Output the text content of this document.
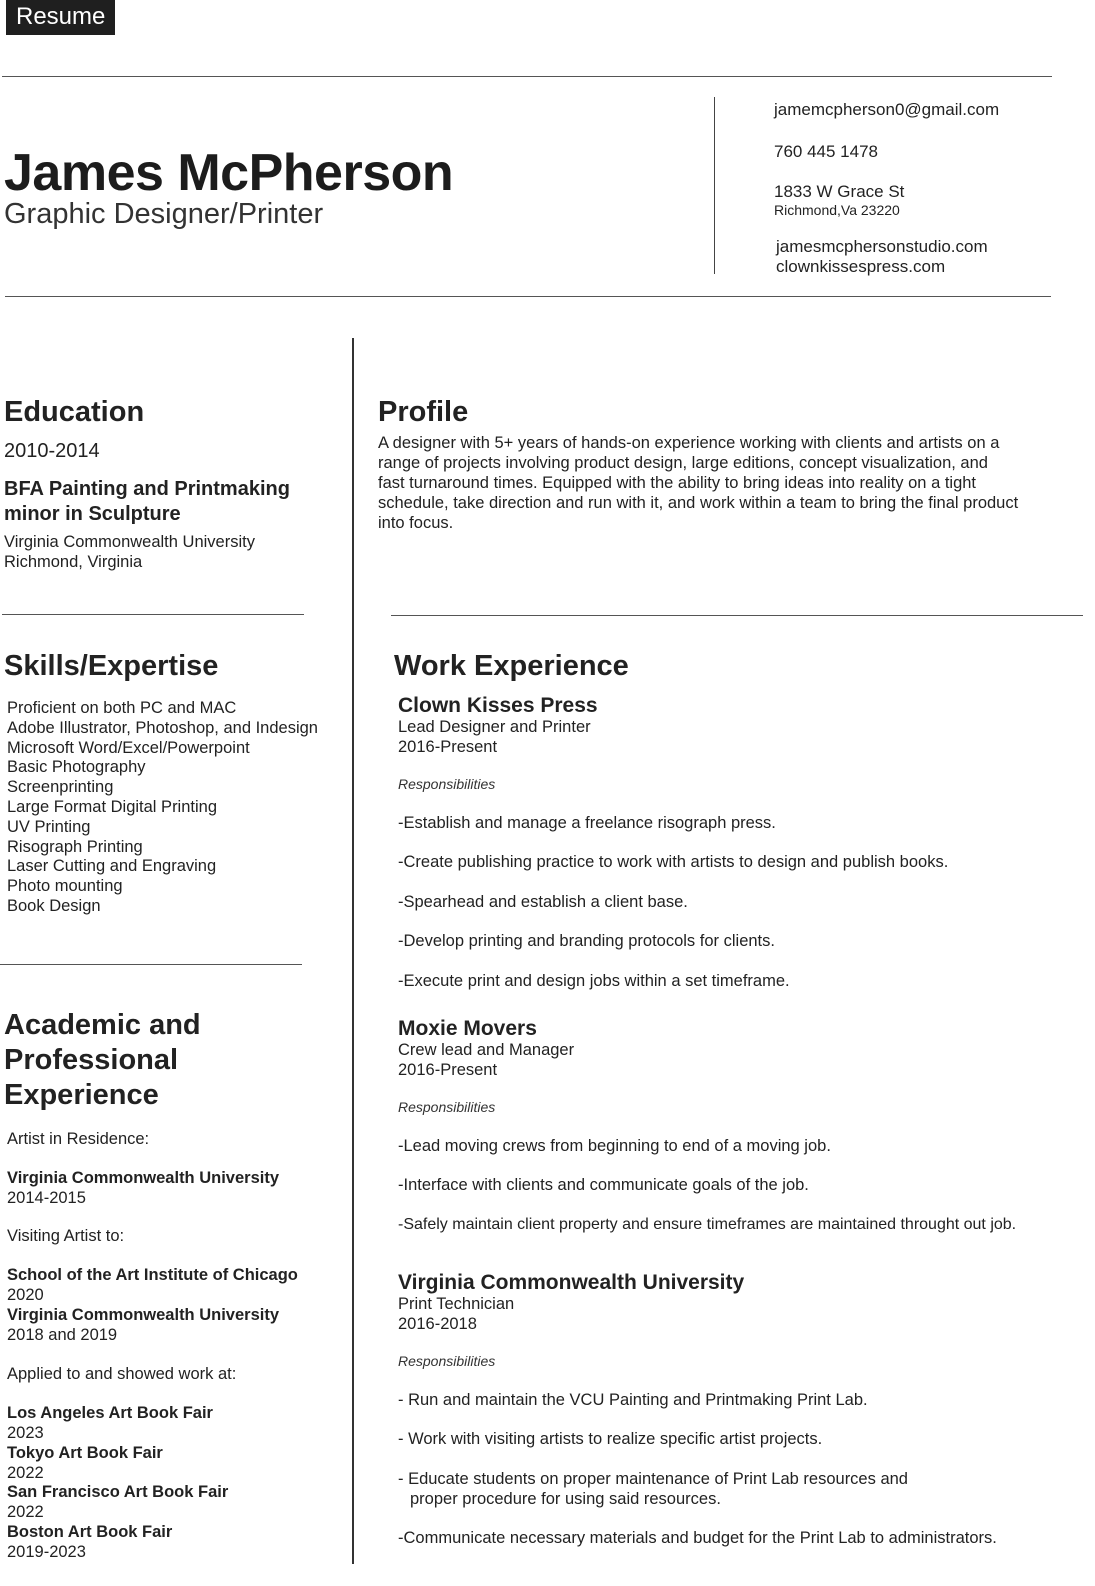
Resume
James McPherson
Graphic Designer/Printer
jamemcpherson0@gmail.com
760 445 1478
1833 W Grace St
Richmond,Va 23220
jamesmcphersonstudio.com
clownkissespress.com
Education
2010-2014
BFA Painting and Printmaking
minor in Sculpture
Virginia Commonwealth University
Richmond, Virginia
Profile
A designer with 5+ years of hands-on experience working with clients and artists on a
range of projects involving product design, large editions, concept visualization, and
fast turnaround times. Equipped with the ability to bring ideas into reality on a tight
schedule, take direction and run with it, and work within a team to bring the final product
into focus.
Skills/Expertise
Proficient on both PC and MAC
Adobe Illustrator, Photoshop, and Indesign
Microsoft Word/Excel/Powerpoint
Basic Photography
Screenprinting
Large Format Digital Printing
UV Printing
Risograph Printing
Laser Cutting and Engraving
Photo mounting
Book Design
Academic and
Professional
Experience
Artist in Residence:
Virginia Commonwealth University
2014-2015
Visiting Artist to:
School of the Art Institute of Chicago
2020
Virginia Commonwealth University
2018 and 2019
Applied to and showed work at:
Los Angeles Art Book Fair
2023
Tokyo Art Book Fair
2022
San Francisco Art Book Fair
2022
Boston Art Book Fair
2019-2023
Work Experience
Clown Kisses Press
Lead Designer and Printer
2016-Present
Responsibilities
-Establish and manage a freelance risograph press.
-Create publishing practice to work with artists to design and publish books.
-Spearhead and establish a client base.
-Develop printing and branding protocols for clients.
-Execute print and design jobs within a set timeframe.
Moxie Movers
Crew lead and Manager
2016-Present
Responsibilities
-Lead moving crews from beginning to end of a moving job.
-Interface with clients and communicate goals of the job.
-Safely maintain client property and ensure timeframes are maintained throught out job.
Virginia Commonwealth University
Print Technician
2016-2018
Responsibilities
- Run and maintain the VCU Painting and Printmaking Print Lab.
- Work with visiting artists to realize specific artist projects.
- Educate students on proper maintenance of Print Lab resources and
proper procedure for using said resources.
-Communicate necessary materials and budget for the Print Lab to administrators.
